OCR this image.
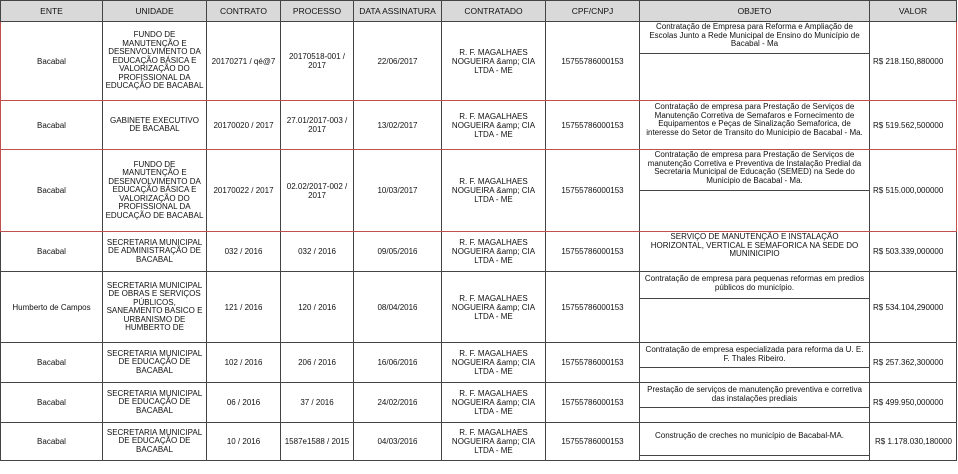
ENTE	UNIDADE	CONTRATO	PROCESSO	DATA ASSINATURA	CONTRATADO	CPF/CNPJ	OBJETO	VALOR
Bacabal	FUNDO DE MANUTENÇÃO E DESENVOLVIMENTO DA EDUCAÇÃO BÁSICA E VALORIZAÇÃO DO PROFISSIONAL DA EDUCAÇÃO DE BACABAL	20170271 / qé@7	20170518-001 / 2017	22/06/2017	R. F. MAGALHAES NOGUEIRA &amp; CIA LTDA - ME	15755786000153	Contratação de Empresa para Reforma e Ampliação de Escolas Junto a Rede Municipal de Ensino do Município de Bacabal - Ma	R$ 218.150,880000
Bacabal	GABINETE EXECUTIVO DE BACABAL	20170020 / 2017	27.01/2017-003 / 2017	13/02/2017	R. F. MAGALHAES NOGUEIRA &amp; CIA LTDA - ME	15755786000153	Contratação de empresa para Prestação de Serviços de Manutenção Corretiva de Semafaros e Fornecimento de Equipamentos e Peças de Sinalização Semaforica, de interesse do Setor de Transito do Municipio de Bacabal - Ma.	R$ 519.562,500000
Bacabal	FUNDO DE MANUTENÇÃO E DESENVOLVIMENTO DA EDUCAÇÃO BÁSICA E VALORIZAÇÃO DO PROFISSIONAL DA EDUCAÇÃO DE BACABAL	20170022 / 2017	02.02/2017-002 / 2017	10/03/2017	R. F. MAGALHAES NOGUEIRA &amp; CIA LTDA - ME	15755786000153	Contratação de empresa para Prestação de Serviços de manutenção Corretiva e Preventiva de Instalação Predial da Secretaria Municipal de Educação (SEMED) na Sede do Municipio de Bacabal - Ma.	R$ 515.000,000000
Bacabal	SECRETARIA MUNICIPAL DE ADMINISTRAÇÃO DE BACABAL	032 / 2016	032 / 2016	09/05/2016	R. F. MAGALHAES NOGUEIRA &amp; CIA LTDA - ME	15755786000153	SERVIÇO DE MANUTENÇÃO E INSTALAÇÃO HORIZONTAL, VERTICAL E SEMAFORICA NA SEDE DO MUNINICIPIO	R$ 503.339,000000
Humberto de Campos	SECRETARIA MUNICIPAL DE OBRAS E SERVIÇOS PÚBLICOS, SANEAMENTO BASICO E URBANISMO DE HUMBERTO DE	121 / 2016	120 / 2016	08/04/2016	R. F. MAGALHAES NOGUEIRA &amp; CIA LTDA - ME	15755786000153	Contratação de empresa para pequenas reformas em predios públicos do município.	R$ 534.104,290000
Bacabal	SECRETARIA MUNICIPAL DE EDUCAÇÃO DE BACABAL	102 / 2016	206 / 2016	16/06/2016	R. F. MAGALHAES NOGUEIRA &amp; CIA LTDA - ME	15755786000153	Contratação de empresa especializada para reforma da U. E. F. Thales Ribeiro.	R$ 257.362,300000
Bacabal	SECRETARIA MUNICIPAL DE EDUCAÇÃO DE BACABAL	06 / 2016	37 / 2016	24/02/2016	R. F. MAGALHAES NOGUEIRA &amp; CIA LTDA - ME	15755786000153	Prestação de serviços de manutenção preventiva e corretiva das instalações prediais	R$ 499.950,000000
Bacabal	SECRETARIA MUNICIPAL DE EDUCAÇÃO DE BACABAL	10 / 2016	1587e1588 / 2015	04/03/2016	R. F. MAGALHAES NOGUEIRA &amp; CIA LTDA - ME	15755786000153	Construção de creches no município de Bacabal-MA.	R$ 1.178.030,180000
